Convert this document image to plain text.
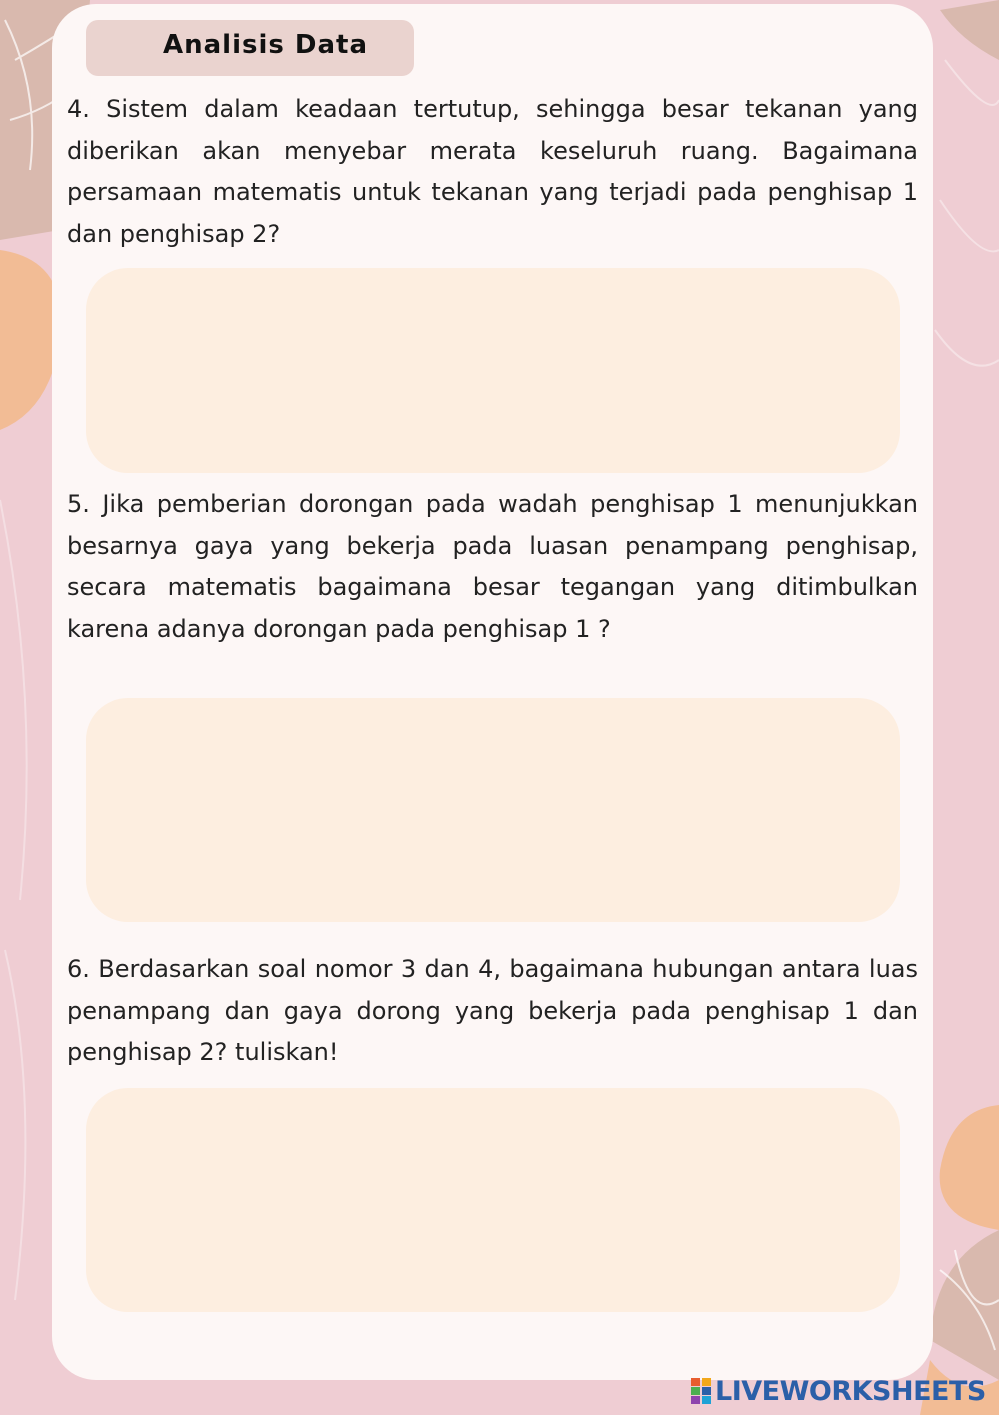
Analisis Data
4. Sistem dalam keadaan tertutup, sehingga besar tekanan yang diberikan akan menyebar merata keseluruh ruang. Bagaimana persamaan matematis untuk tekanan yang terjadi pada penghisap 1 dan penghisap 2?
5. Jika pemberian dorongan pada wadah penghisap 1 menunjukkan besarnya gaya yang bekerja pada luasan penampang penghisap, secara matematis bagaimana besar tegangan yang ditimbulkan karena adanya dorongan pada penghisap 1 ?
6. Berdasarkan soal nomor 3 dan 4, bagaimana hubungan antara luas penampang dan gaya dorong yang bekerja pada penghisap 1 dan penghisap 2? tuliskan!
LIVEWORKSHEETS
